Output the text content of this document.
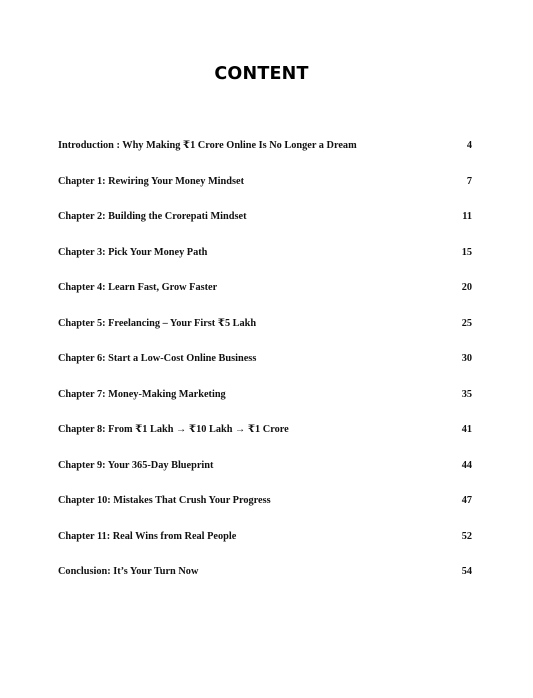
CONTENT
Introduction : Why Making ₹1 Crore Online Is No Longer a Dream	4
Chapter 1: Rewiring Your Money Mindset	7
Chapter 2: Building the Crorepati Mindset	11
Chapter 3: Pick Your Money Path	15
Chapter 4: Learn Fast, Grow Faster	20
Chapter 5: Freelancing – Your First ₹5 Lakh	25
Chapter 6: Start a Low-Cost Online Business	30
Chapter 7: Money-Making Marketing	35
Chapter 8: From ₹1 Lakh → ₹10 Lakh → ₹1 Crore	41
Chapter 9: Your 365-Day Blueprint	44
Chapter 10: Mistakes That Crush Your Progress	47
Chapter 11: Real Wins from Real People	52
Conclusion: It’s Your Turn Now	54
